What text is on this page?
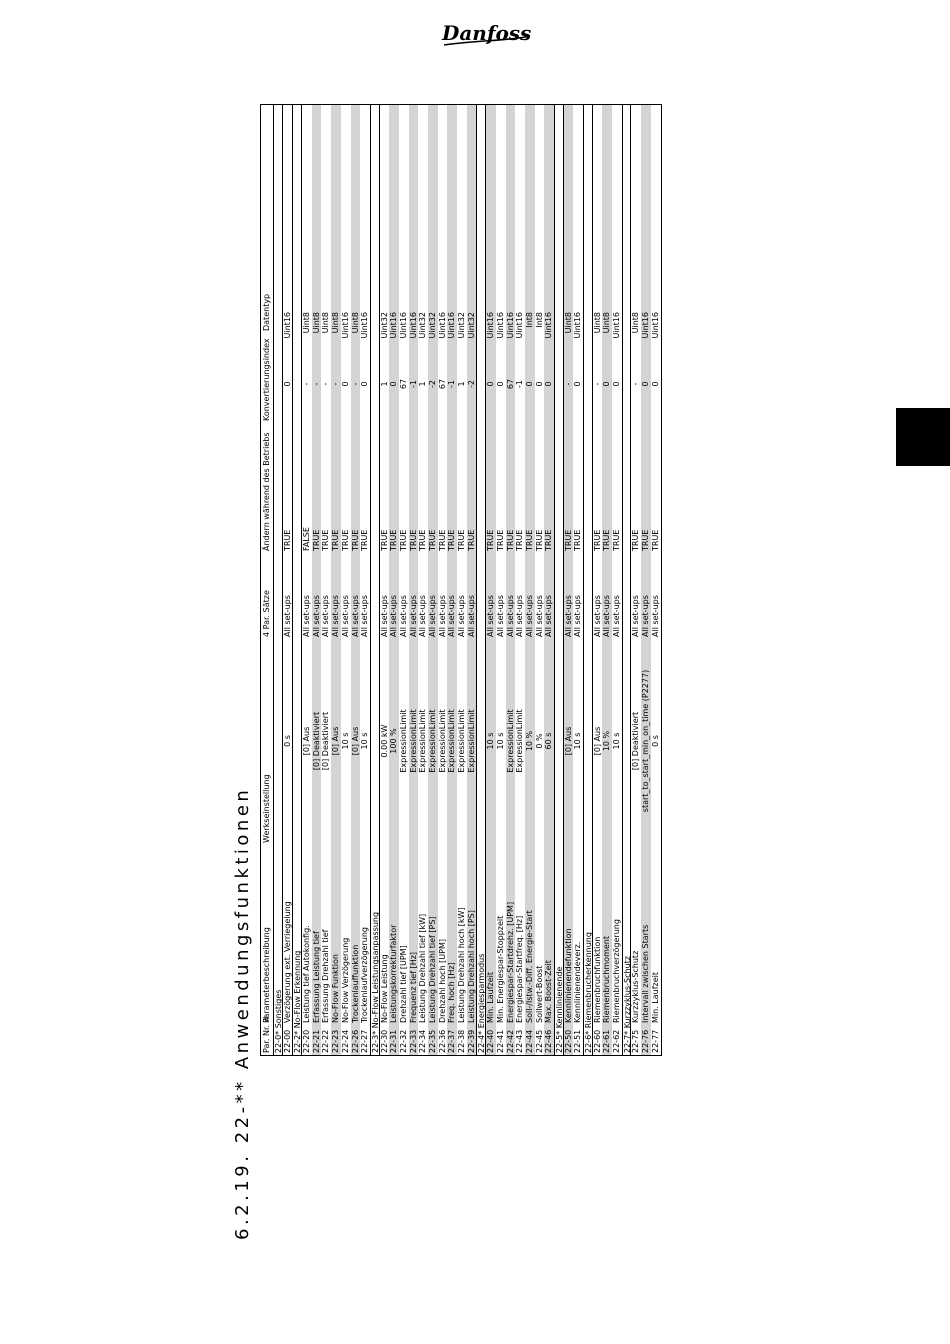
Danfoss
6.2.19. 22-** Anwendungsfunktionen	Par. Nr. #
Parameterbeschreibung
Werkseinstellung
4 Par. Sätze
Ändern während des Betriebs
Konvertierungsindex
Datentyp
22-0* Sonstiges 22-00
Verzögerung ext. Verriegelung
0 s
All set-ups
TRUE
0
Uint16
22-2* No-Flow Erkennung 22-20
Leistung tief Autokonfig.
[0] Aus
All set-ups
FALSE
-
Uint8
22-21
Erfassung Leistung tief
[0] Deaktiviert
All set-ups
TRUE
-
Uint8
22-22
Erfassung Drehzahl tief
[0] Deaktiviert
All set-ups
TRUE
-
Uint8
22-23
No-Flow Funktion
[0] Aus
All set-ups
TRUE
-
Uint8
22-24
No-Flow Verzögerung
10 s
All set-ups
TRUE
0
Uint16
22-26
Trockenlauffunktion
[0] Aus
All set-ups
TRUE
-
Uint8
22-27
Trockenlaufverzögerung
10 s
All set-ups
TRUE
0
Uint16
22-3* No-Flow Leistungsanpassung 22-30
No-Flow Leistung
0.00 kW
All set-ups
TRUE
1
Uint32
22-31
Leistungskorrekturfaktor
100 %
All set-ups
TRUE
0
Uint16
22-32
Drehzahl tief [UPM]
ExpressionLimit
All set-ups
TRUE
67
Uint16
22-33
Frequenz tief [Hz]
ExpressionLimit
All set-ups
TRUE
-1
Uint16
22-34
Leistung Drehzahl tief [kW]
ExpressionLimit
All set-ups
TRUE
1
Uint32
22-35
Leistung Drehzahl tief [PS]
ExpressionLimit
All set-ups
TRUE
-2
Uint32
22-36
Drehzahl hoch [UPM]
ExpressionLimit
All set-ups
TRUE
67
Uint16
22-37
Freq. hoch [Hz]
ExpressionLimit
All set-ups
TRUE
-1
Uint16
22-38
Leistung Drehzahl hoch [kW]
ExpressionLimit
All set-ups
TRUE
1
Uint32
22-39
Leistung Drehzahl hoch [PS]
ExpressionLimit
All set-ups
TRUE
-2
Uint32
22-4* Energiesparmodus 22-40
Min. Laufzeit
10 s
All set-ups
TRUE
0
Uint16
22-41
Min. Energiespar-Stoppzeit
10 s
All set-ups
TRUE
0
Uint16
22-42
Energiespar-Startdrehz. [UPM]
ExpressionLimit
All set-ups
TRUE
67
Uint16
22-43
Energiespar-Startfreq. [Hz]
ExpressionLimit
All set-ups
TRUE
-1
Uint16
22-44
Soll-/Istw.-Diff. Energie-Start
10 %
All set-ups
TRUE
0
Int8
22-45
Sollwert-Boost
0 %
All set-ups
TRUE
0
Int8
22-46
Max. Boost-Zeit
60 s
All set-ups
TRUE
0
Uint16
22-5* Kennlinienende 22-50
Kennlinienendefunktion
[0] Aus
All set-ups
TRUE
-
Uint8
22-51
Kennlinienendeverz.
10 s
All set-ups
TRUE
0
Uint16
22-6* Riemenbrucherkennung 22-60
Riemenbruchfunktion
[0] Aus
All set-ups
TRUE
-
Uint8
22-61
Riemenbruchmoment
10 %
All set-ups
TRUE
0
Uint8
22-62
Riemenbruchverzögerung
10 s
All set-ups
TRUE
0
Uint16
22-7* Kurzzyklus-Schutz 22-75
Kurzzyklus-Schutz
[0] Deaktiviert
All set-ups
TRUE
-
Uint8
22-76
Intervall zwischen Starts
start_to_start_min_on_time (P2277)
All set-ups
TRUE
0
Uint16
22-77
Min. Laufzeit
0 s
All set-ups
TRUE
0
Uint16
